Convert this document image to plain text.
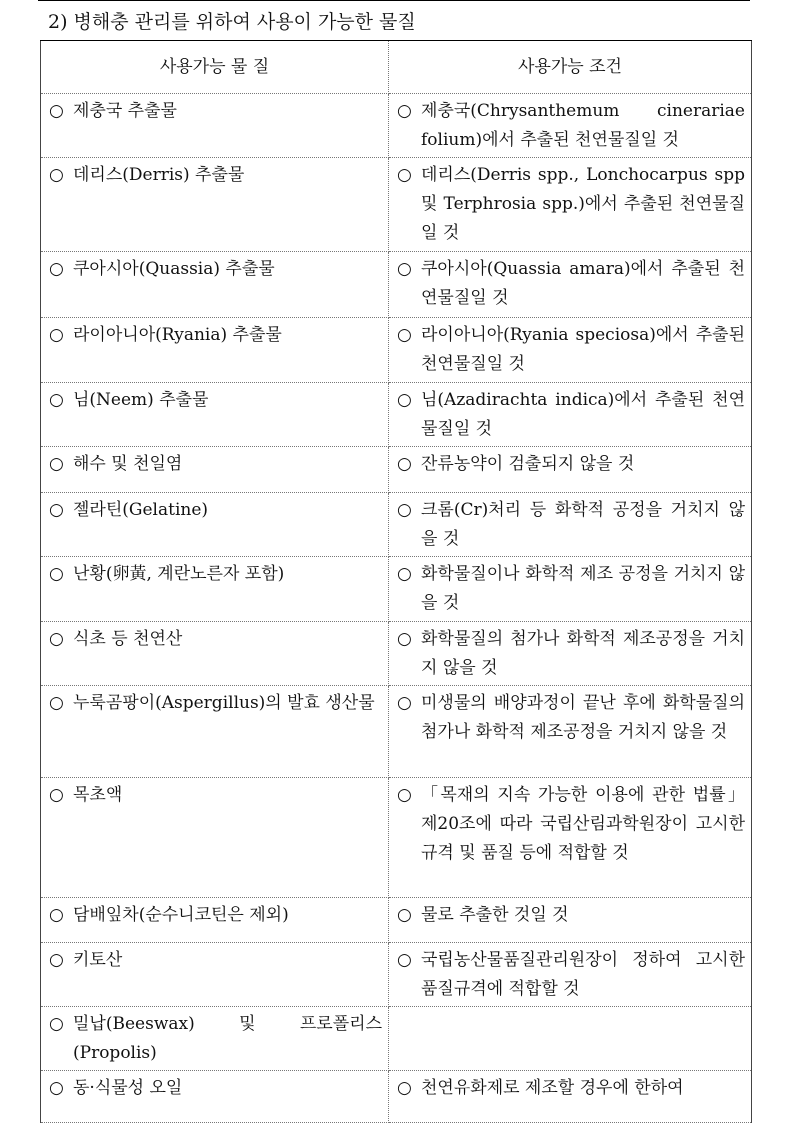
2) 병해충 관리를 위하여 사용이 가능한 물질
사용가능 물 질	사용가능 조건

○ 제충국 추출물	○ 제충국(Chrysanthemum cinerariae folium)에서 추출된 천연물질일 것

○ 데리스(Derris) 추출물	○ 데리스(Derris spp., Lonchocarpus spp 및 Terphrosia spp.)에서 추출된 천연물질일 것

○ 쿠아시아(Quassia) 추출물	○ 쿠아시아(Quassia amara)에서 추출된 천연물질일 것

○ 라이아니아(Ryania) 추출물	○ 라이아니아(Ryania speciosa)에서 추출된 천연물질일 것

○ 님(Neem) 추출물	○ 님(Azadirachta indica)에서 추출된 천연물질일 것

○ 해수 및 천일염	○ 잔류농약이 검출되지 않을 것

○ 젤라틴(Gelatine)	○ 크롬(Cr)처리 등 화학적 공정을 거치지 않을 것

○ 난황(卵黃, 계란노른자 포함)	○ 화학물질이나 화학적 제조 공정을 거치지 않을 것

○ 식초 등 천연산	○ 화학물질의 첨가나 화학적 제조공정을 거치지 않을 것

○ 누룩곰팡이(Aspergillus)의 발효 생산물	○ 미생물의 배양과정이 끝난 후에 화학물질의 첨가나 화학적 제조공정을 거치지 않을 것

○ 목초액	○ 「목재의 지속 가능한 이용에 관한 법률」 제20조에 따라 국립산림과학원장이 고시한 규격 및 품질 등에 적합할 것

○ 담배잎차(순수니코틴은 제외)	○ 물로 추출한 것일 것

○ 키토산	○ 국립농산물품질관리원장이 정하여 고시한 품질규격에 적합할 것

○ 밀납(Beeswax) 및 프로폴리스(Propolis)	

○ 동·식물성 오일	○ 천연유화제로 제조할 경우에 한하여
